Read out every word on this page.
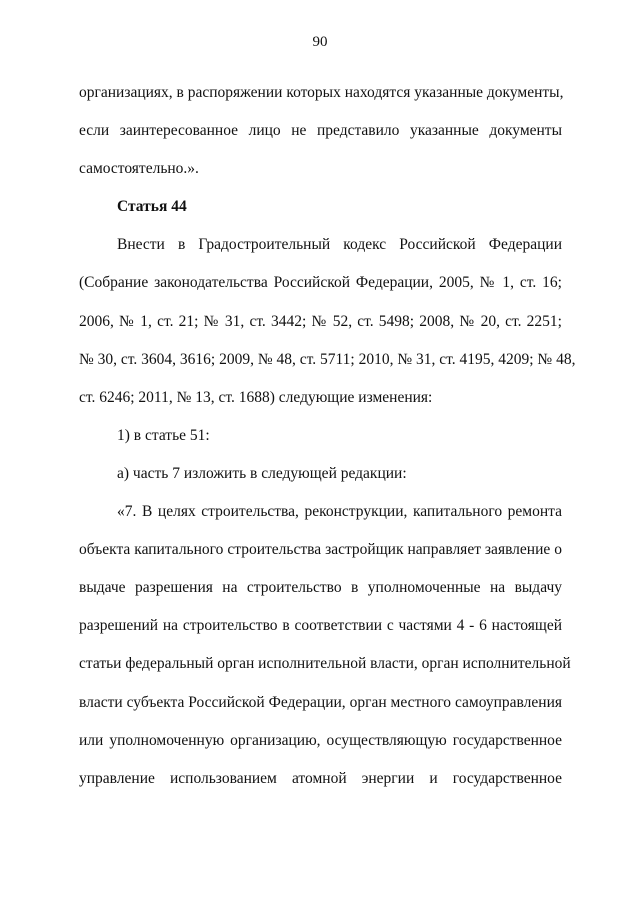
90
организациях, в распоряжении которых находятся указанные документы,
если заинтересованное лицо не представило указанные документы
самостоятельно.».
Статья 44
Внести в Градостроительный кодекс Российской Федерации
(Собрание законодательства Российской Федерации, 2005, № 1, ст. 16;
2006, № 1, ст. 21; № 31, ст. 3442; № 52, ст. 5498; 2008, № 20, ст. 2251;
№ 30, ст. 3604, 3616; 2009, № 48, ст. 5711; 2010, № 31, ст. 4195, 4209; № 48,
ст. 6246; 2011, № 13, ст. 1688) следующие изменения:
1) в статье 51:
а) часть 7 изложить в следующей редакции:
«7. В целях строительства, реконструкции, капитального ремонта
объекта капитального строительства застройщик направляет заявление о
выдаче разрешения на строительство в уполномоченные на выдачу
разрешений на строительство в соответствии с частями 4 - 6 настоящей
статьи федеральный орган исполнительной власти, орган исполнительной
власти субъекта Российской Федерации, орган местного самоуправления
или уполномоченную организацию, осуществляющую государственное
управление использованием атомной энергии и государственное
